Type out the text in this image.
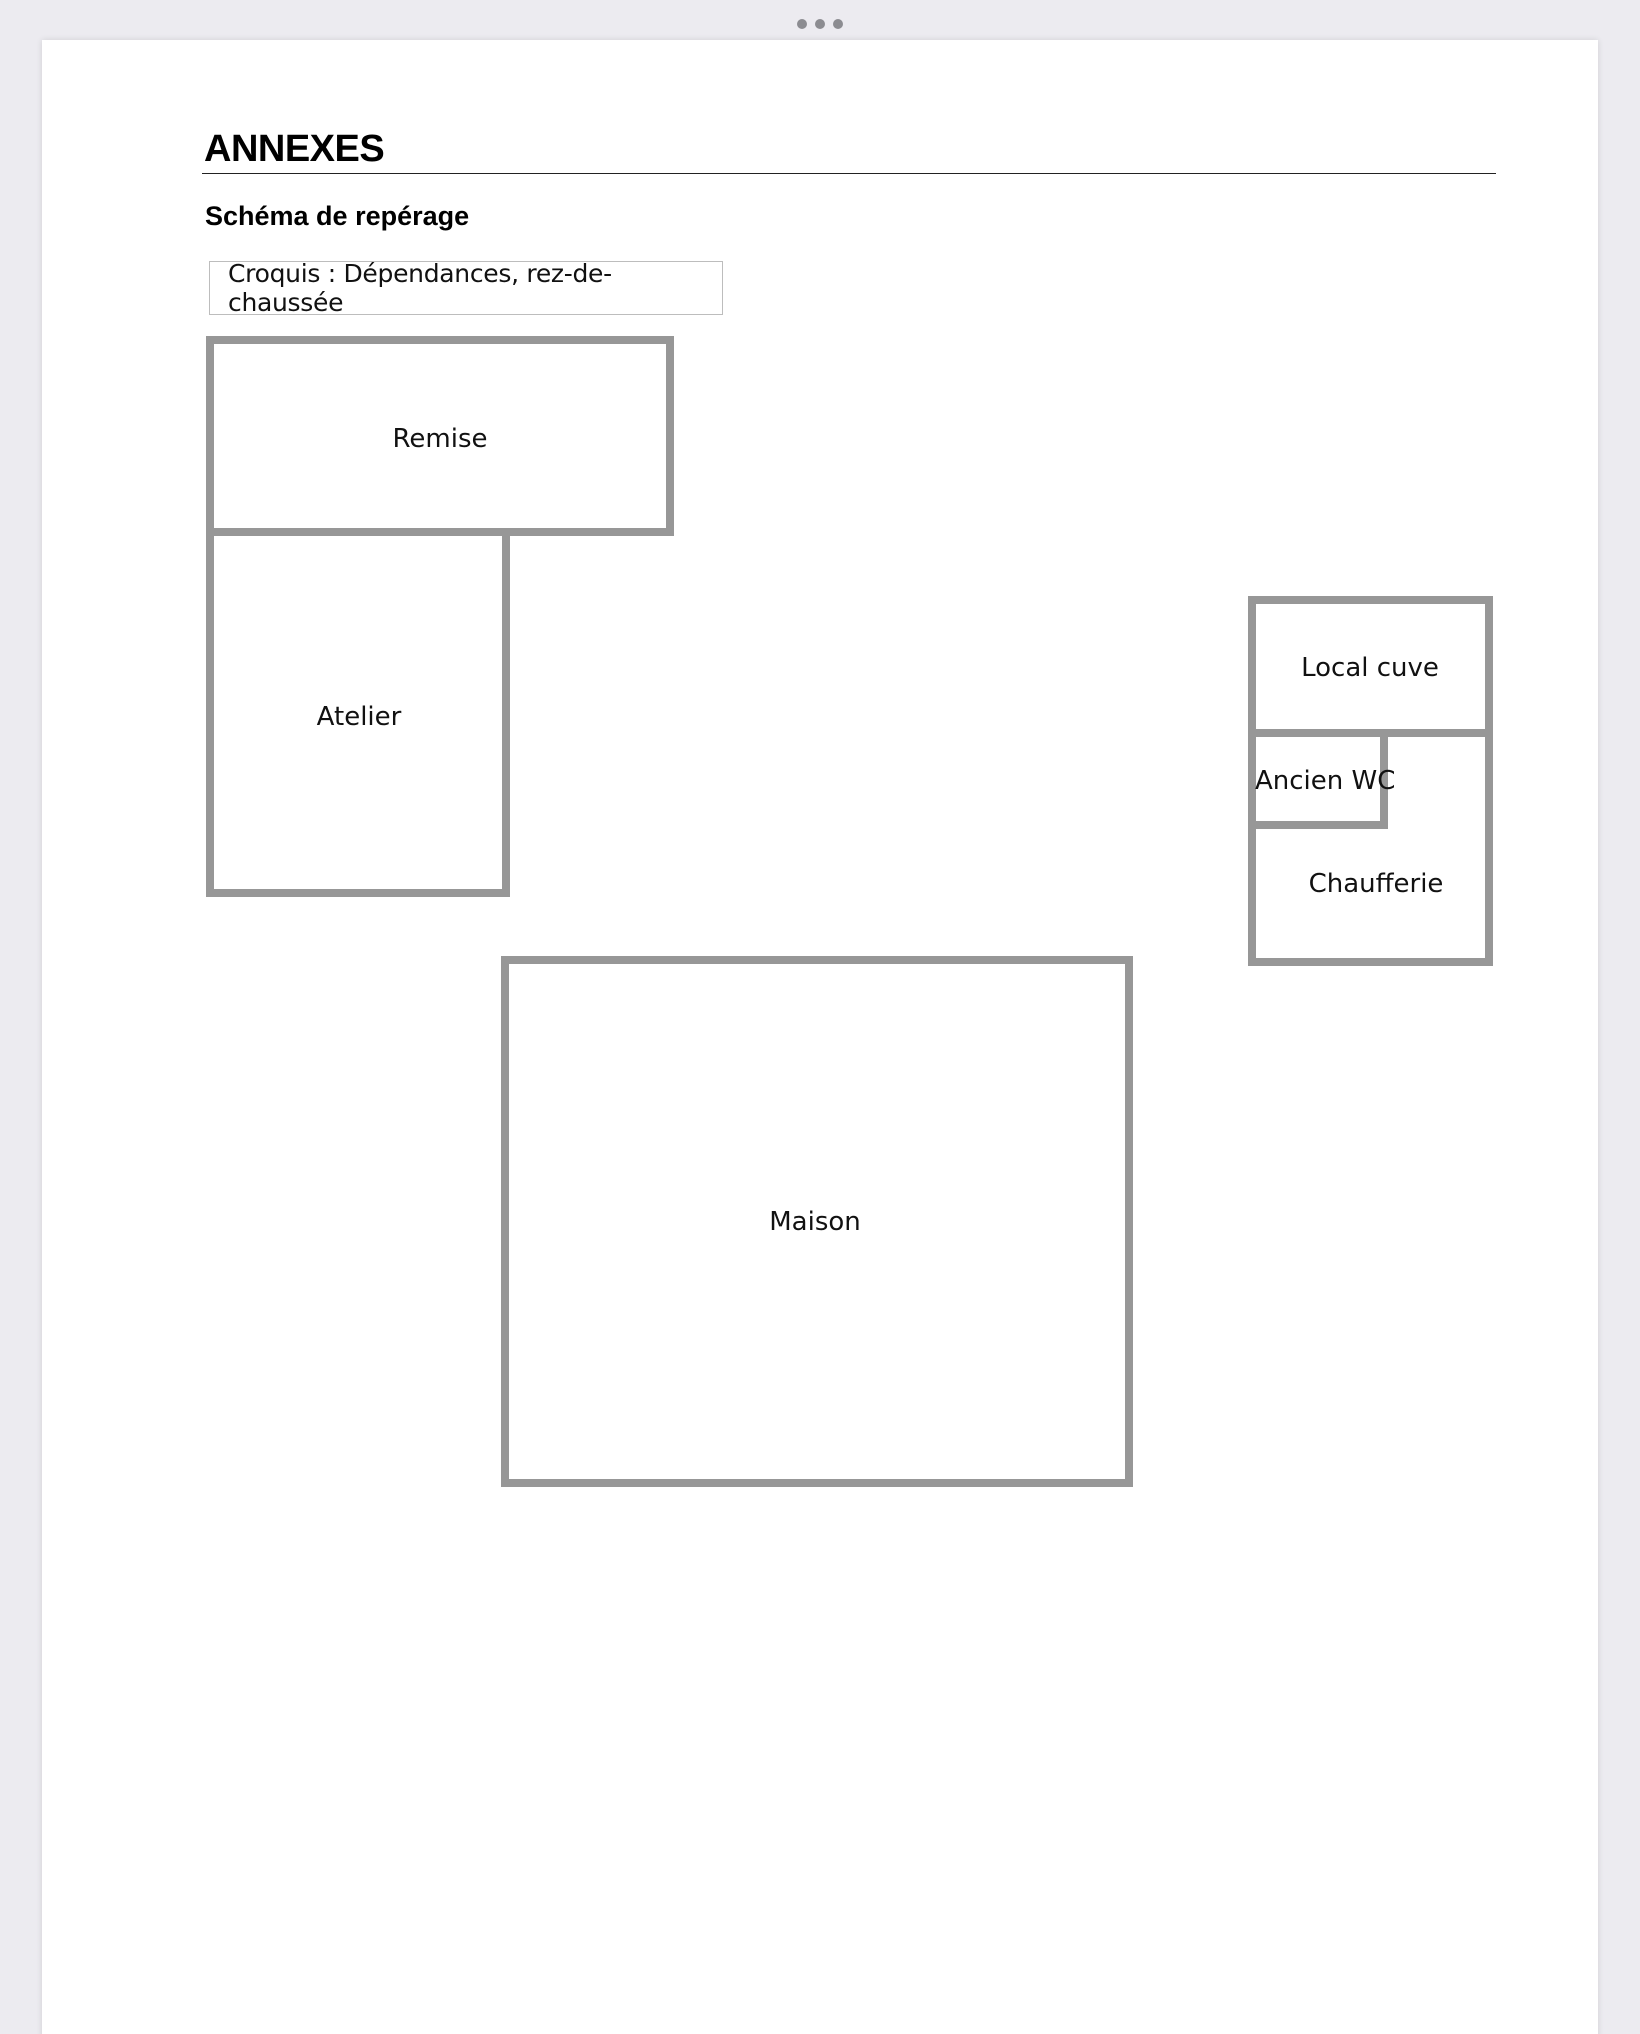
ANNEXES
Schéma de repérage
Croquis : Dépendances, rez-de-chaussée
Remise
Atelier
Local cuve
Ancien WC
Chaufferie
Maison
